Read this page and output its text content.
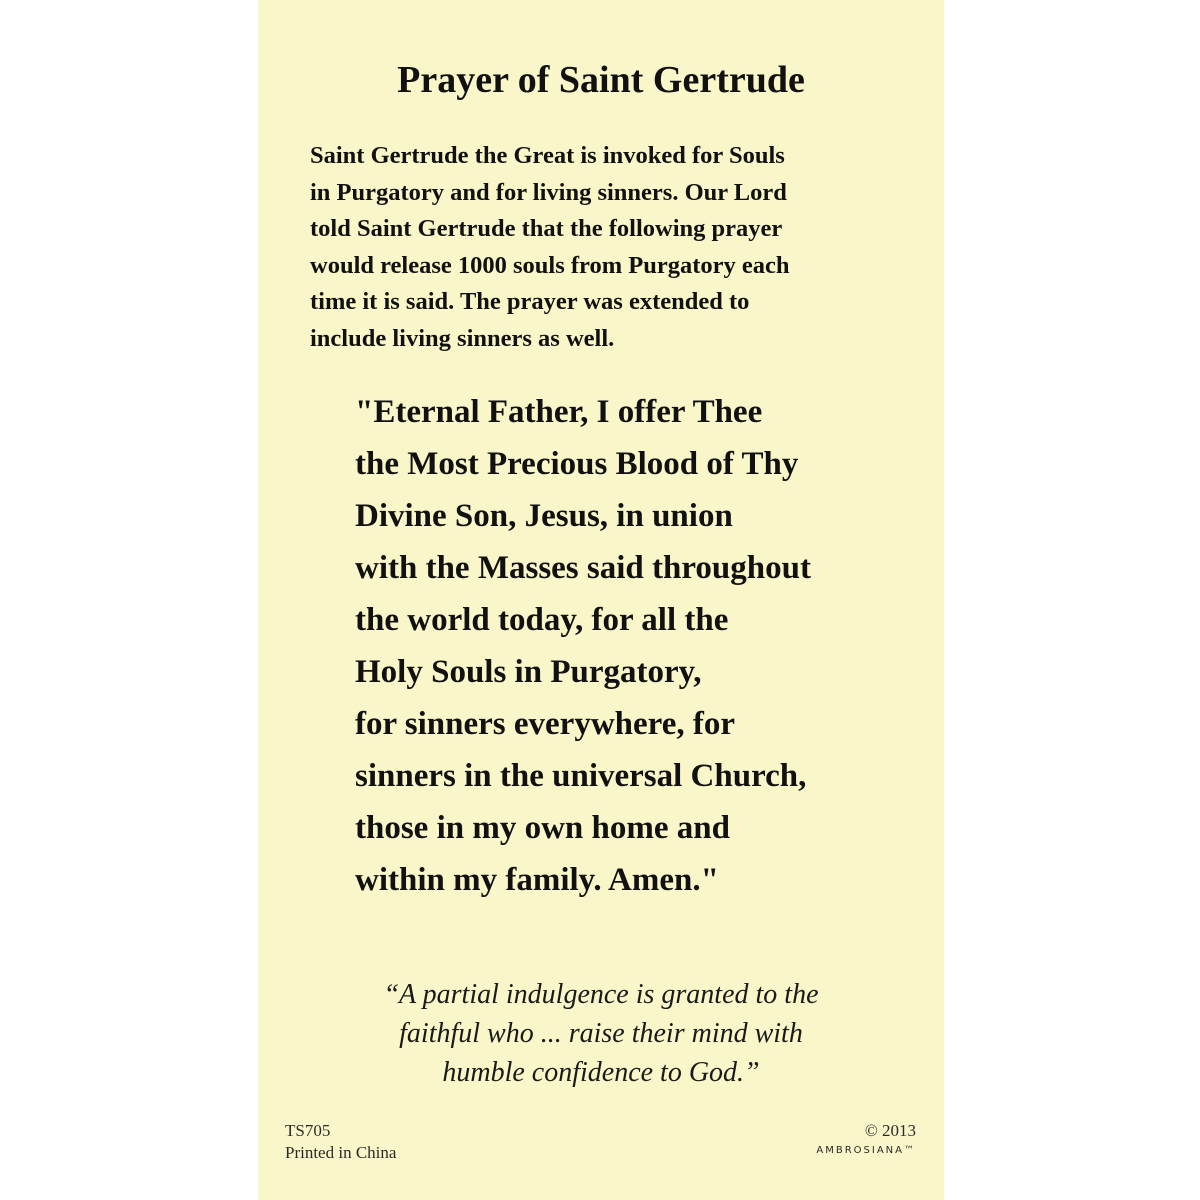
Prayer of Saint Gertrude

Saint Gertrude the Great is invoked for Souls
in Purgatory and for living sinners. Our Lord
told Saint Gertrude that the following prayer
would release 1000 souls from Purgatory each
time it is said. The prayer was extended to
include living sinners as well.

"Eternal Father, I offer Thee
the Most Precious Blood of Thy
Divine Son, Jesus, in union
with the Masses said throughout
the world today, for all the
Holy Souls in Purgatory,
for sinners everywhere, for
sinners in the universal Church,
those in my own home and
within my family. Amen."

“A partial indulgence is granted to the
faithful who ... raise their mind with
humble confidence to God.”

TS705
Printed in China
© 2013
AMBROSIANA™
